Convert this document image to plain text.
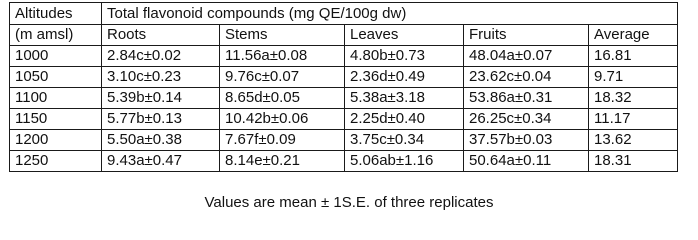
Altitudes	Total flavonoid compounds (mg QE/100g dw)				
(m amsl)	Roots	Stems	Leaves	Fruits	Average
1000	2.84c±0.02	11.56a±0.08	4.80b±0.73	48.04a±0.07	16.81
1050	3.10c±0.23	9.76c±0.07	2.36d±0.49	23.62c±0.04	9.71
1100	5.39b±0.14	8.65d±0.05	5.38a±3.18	53.86a±0.31	18.32
1150	5.77b±0.13	10.42b±0.06	2.25d±0.40	26.25c±0.34	11.17
1200	5.50a±0.38	7.67f±0.09	3.75c±0.34	37.57b±0.03	13.62
1250	9.43a±0.47	8.14e±0.21	5.06ab±1.16	50.64a±0.11	18.31
Values are mean ± 1S.E. of three replicates
